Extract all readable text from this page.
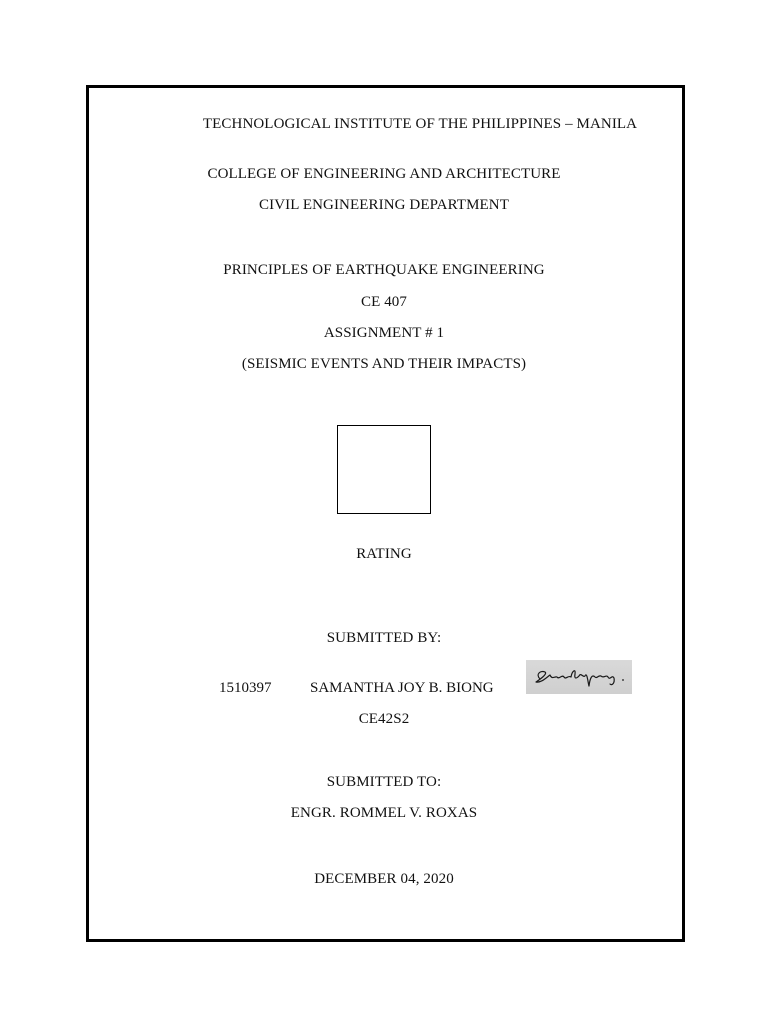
TECHNOLOGICAL INSTITUTE OF THE PHILIPPINES – MANILA
COLLEGE OF ENGINEERING AND ARCHITECTURE
CIVIL ENGINEERING DEPARTMENT
PRINCIPLES OF EARTHQUAKE ENGINEERING
CE 407
ASSIGNMENT # 1
(SEISMIC EVENTS AND THEIR IMPACTS)
RATING
SUBMITTED BY:
1510397	SAMANTHA JOY B. BIONG
CE42S2
SUBMITTED TO:
ENGR. ROMMEL V. ROXAS
DECEMBER 04, 2020
